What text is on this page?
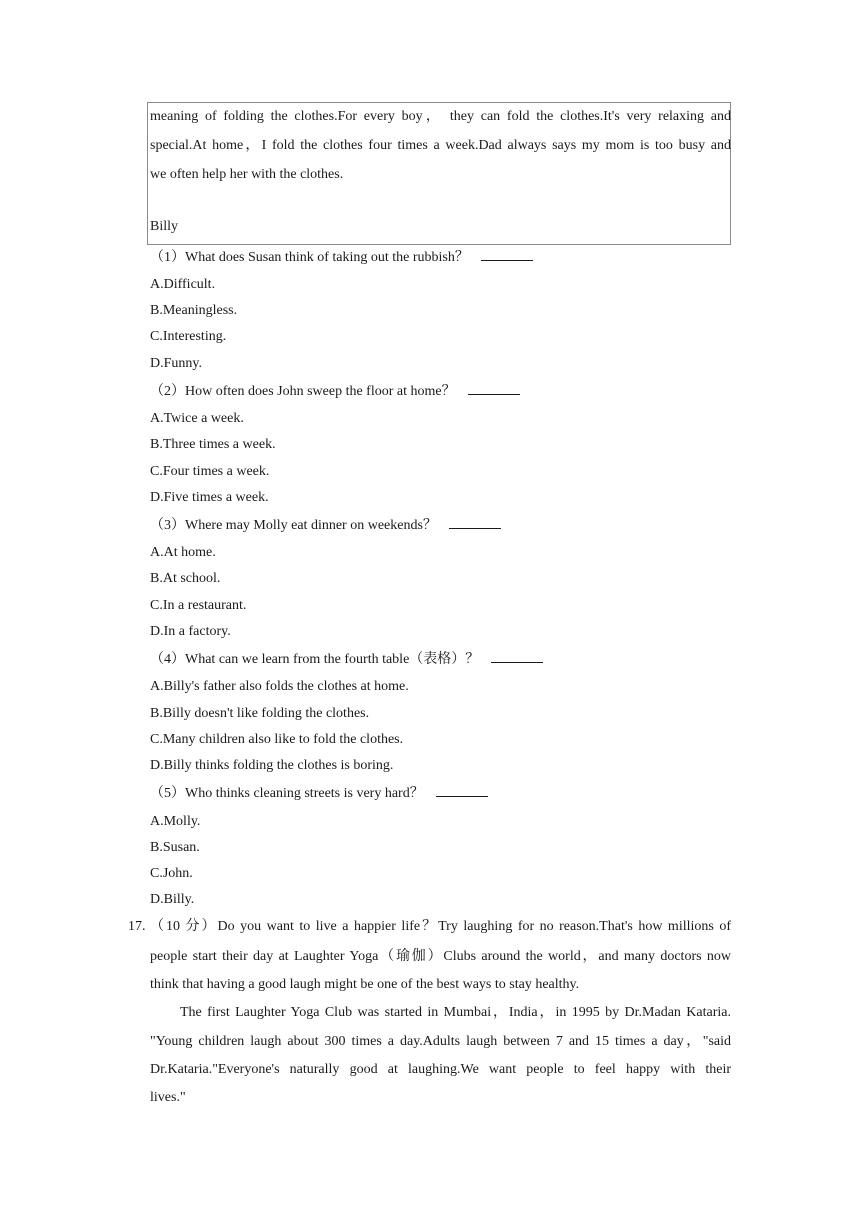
meaning of folding the clothes.For every boy， they can fold the clothes.It's very relaxing and
special.At home，I fold the clothes four times a week.Dad always says my mom is too busy and
we often help her with the clothes.
Billy
（1）What does Susan think of taking out the rubbish？
A.Difficult.
B.Meaningless.
C.Interesting.
D.Funny.
（2）How often does John sweep the floor at home？
A.Twice a week.
B.Three times a week.
C.Four times a week.
D.Five times a week.
（3）Where may Molly eat dinner on weekends？
A.At home.
B.At school.
C.In a restaurant.
D.In a factory.
（4）What can we learn from the fourth table（表格）？
A.Billy's father also folds the clothes at home.
B.Billy doesn't like folding the clothes.
C.Many children also like to fold the clothes.
D.Billy thinks folding the clothes is boring.
（5）Who thinks cleaning streets is very hard？
A.Molly.
B.Susan.
C.John.
D.Billy.
17. （10 分）Do you want to live a happier life？Try laughing for no reason.That's how millions of
people start their day at Laughter Yoga（瑜伽）Clubs around the world，and many doctors now
think that having a good laugh might be one of the best ways to stay healthy.
The first Laughter Yoga Club was started in Mumbai，India，in 1995 by Dr.Madan Kataria.
"Young children laugh about 300 times a day.Adults laugh between 7 and 15 times a day，"said
Dr.Kataria."Everyone's naturally good at laughing.We want people to feel happy with their
lives."
